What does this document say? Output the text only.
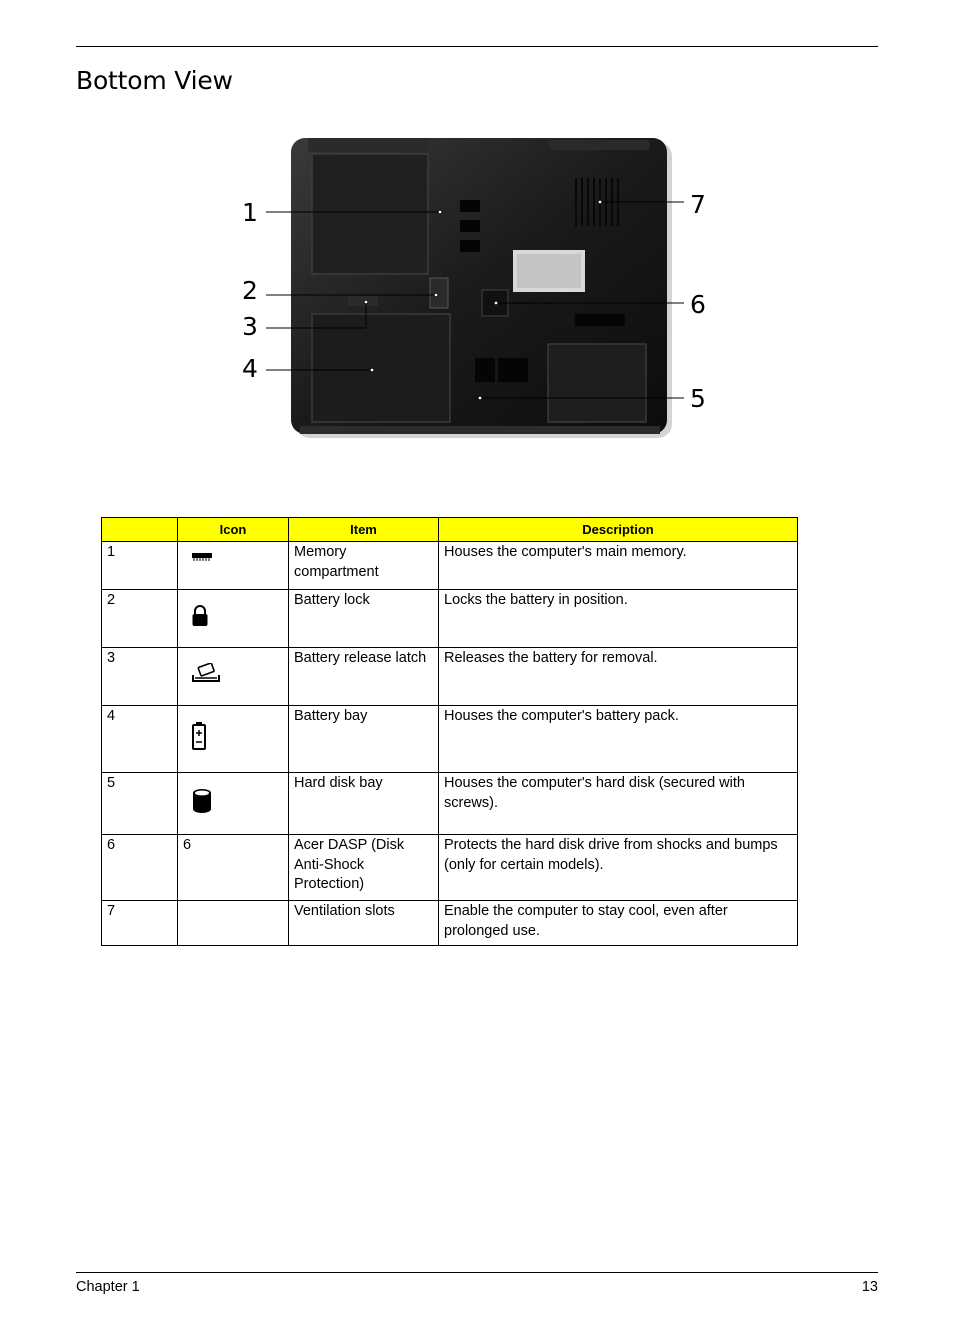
Bottom View
1
2
3
4
5
6
7
	Icon	Item	Description
1		Memory compartment	Houses the computer's main memory.
2		Battery lock	Locks the battery in position.
3		Battery release latch	Releases the battery for removal.
4		Battery bay	Houses the computer's battery pack.
5		Hard disk bay	Houses the computer's hard disk (secured with screws).
6	6	Acer DASP (Disk Anti-Shock Protection)	Protects the hard disk drive from shocks and bumps (only for certain models).
7		Ventilation slots	Enable the computer to stay cool, even after prolonged use.
Chapter 1	13
